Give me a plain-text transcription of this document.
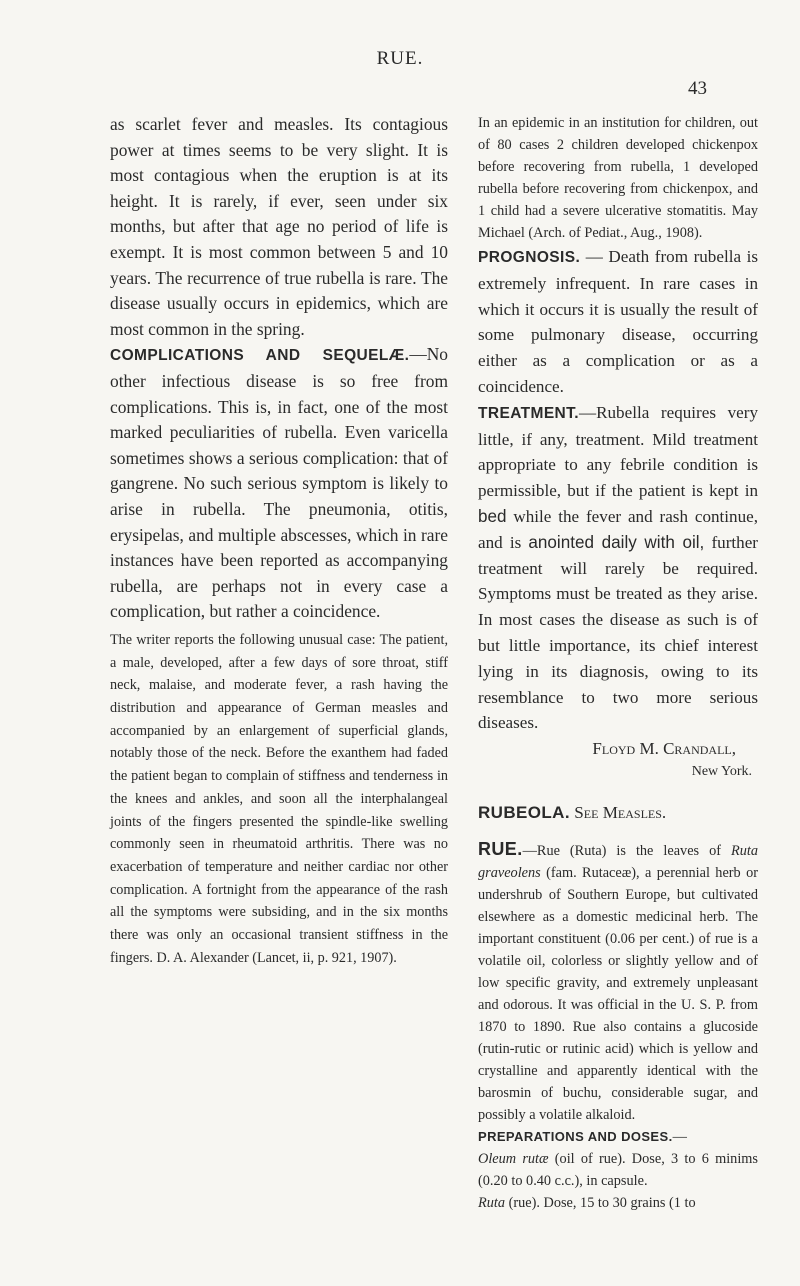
RUE.
43

as scarlet fever and measles. Its contagious power at times seems to be very slight. It is most contagious when the eruption is at its height. It is rarely, if ever, seen under six months, but after that age no period of life is exempt. It is most common between 5 and 10 years. The recurrence of true rubella is rare. The disease usually occurs in epidemics, which are most common in the spring.

COMPLICATIONS AND SEQUELÆ.—No other infectious disease is so free from complications. This is, in fact, one of the most marked peculiarities of rubella. Even varicella sometimes shows a serious complication: that of gangrene. No such serious symptom is likely to arise in rubella. The pneumonia, otitis, erysipelas, and multiple abscesses, which in rare instances have been reported as accompanying rubella, are perhaps not in every case a complication, but rather a coincidence.

The writer reports the following unusual case: The patient, a male, developed, after a few days of sore throat, stiff neck, malaise, and moderate fever, a rash having the distribution and appearance of German measles and accompanied by an enlargement of superficial glands, notably those of the neck. Before the exanthem had faded the patient began to complain of stiffness and tenderness in the knees and ankles, and soon all the interphalangeal joints of the fingers presented the spindle-like swelling commonly seen in rheumatoid arthritis. There was no exacerbation of temperature and neither cardiac nor other complication. A fortnight from the appearance of the rash all the symptoms were subsiding, and in the six months there was only an occasional transient stiffness in the fingers. D. A. Alexander (Lancet, ii, p. 921, 1907).

In an epidemic in an institution for children, out of 80 cases 2 children developed chickenpox before recovering from rubella, 1 developed rubella before recovering from chickenpox, and 1 child had a severe ulcerative stomatitis. May Michael (Arch. of Pediat., Aug., 1908).

PROGNOSIS. — Death from rubella is extremely infrequent. In rare cases in which it occurs it is usually the result of some pulmonary disease, occurring either as a complication or as a coincidence.

TREATMENT.—Rubella requires very little, if any, treatment. Mild treatment appropriate to any febrile condition is permissible, but if the patient is kept in bed while the fever and rash continue, and is anointed daily with oil, further treatment will rarely be required. Symptoms must be treated as they arise. In most cases the disease as such is of but little importance, its chief interest lying in its diagnosis, owing to its resemblance to two more serious diseases.

Floyd M. Crandall,

New York.

RUBEOLA. See Measles.

RUE.—Rue (Ruta) is the leaves of Ruta graveolens (fam. Rutaceæ), a perennial herb or undershrub of Southern Europe, but cultivated elsewhere as a domestic medicinal herb. The important constituent (0.06 per cent.) of rue is a volatile oil, colorless or slightly yellow and of low specific gravity, and extremely unpleasant and odorous. It was official in the U. S. P. from 1870 to 1890. Rue also contains a glucoside (rutin-rutic or rutinic acid) which is yellow and crystalline and apparently identical with the barosmin of buchu, considerable sugar, and possibly a volatile alkaloid.

PREPARATIONS AND DOSES.—
Oleum rutæ (oil of rue). Dose, 3 to 6 minims (0.20 to 0.40 c.c.), in capsule.
Ruta (rue). Dose, 15 to 30 grains (1 to
